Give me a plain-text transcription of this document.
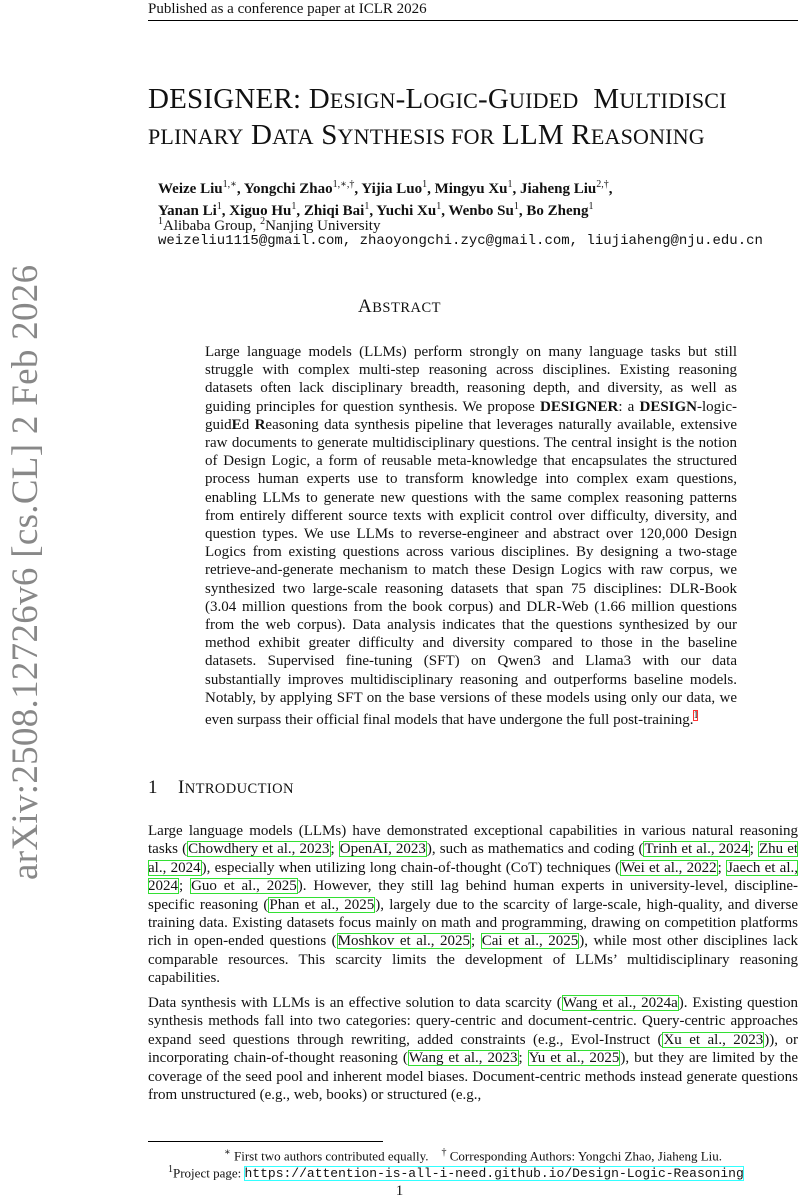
Published as a conference paper at ICLR 2026
arXiv:2508.12726v6 [cs.CL] 2 Feb 2026
DESIGNER: DESIGN-LOGIC-GUIDED  MULTIDISCI
PLINARY DATA SYNTHESIS FOR LLM REASONING
Weize Liu$^{1,∗}$, Yongchi Zhao$^{1,∗,\dagger}$, Yijia Luo$^1$, Mingyu Xu$^1$, Jiaheng Liu$^{2,\dagger}$,
Yanan Li$^1$, Xiguo Hu$^1$, Zhiqi Bai$^1$, Yuchi Xu$^1$, Wenbo Su$^1$, Bo Zheng$^1$
$^1$Alibaba Group, $^2$Nanjing University
weizeliu1115@gmail.com, zhaoyongchi.zyc@gmail.com, liujiaheng@nju.edu.cn
ABSTRACT
Large language models (LLMs) perform strongly on many language tasks but still struggle with complex multi-step reasoning across disciplines. Existing reasoning datasets often lack disciplinary breadth, reasoning depth, and diversity, as well as guiding principles for question synthesis. We propose DESIGNER: a DESIGN-logic-guidEd Reasoning data synthesis pipeline that leverages naturally available, extensive raw documents to generate multidisciplinary questions. The central insight is the notion of Design Logic, a form of reusable meta-knowledge that encapsulates the structured process human experts use to transform knowledge into complex exam questions, enabling LLMs to generate new questions with the same complex reasoning patterns from entirely different source texts with explicit control over difficulty, diversity, and question types. We use LLMs to reverse-engineer and abstract over 120,000 Design Logics from existing questions across various disciplines. By designing a two-stage retrieve-and-generate mechanism to match these Design Logics with raw corpus, we synthesized two large-scale reasoning datasets that span 75 disciplines: DLR-Book (3.04 million questions from the book corpus) and DLR-Web (1.66 million questions from the web corpus). Data analysis indicates that the questions synthesized by our method exhibit greater difficulty and diversity compared to those in the baseline datasets. Supervised fine-tuning (SFT) on Qwen3 and Llama3 with our data substantially improves multidisciplinary reasoning and outperforms baseline models. Notably, by applying SFT on the base versions of these models using only our data, we even surpass their official final models that have undergone the full post-training.$^1$
1 INTRODUCTION
Large language models (LLMs) have demonstrated exceptional capabilities in various natural reasoning tasks (Chowdhery et al., 2023; OpenAI, 2023), such as mathematics and coding (Trinh et al., 2024; Zhu et al., 2024), especially when utilizing long chain-of-thought (CoT) techniques (Wei et al., 2022; Jaech et al., 2024; Guo et al., 2025). However, they still lag behind human experts in university-level, discipline-specific reasoning (Phan et al., 2025), largely due to the scarcity of large-scale, high-quality, and diverse training data. Existing datasets focus mainly on math and programming, drawing on competition platforms rich in open-ended questions (Moshkov et al., 2025; Cai et al., 2025), while most other disciplines lack comparable resources. This scarcity limits the development of LLMs’ multidisciplinary reasoning capabilities.
Data synthesis with LLMs is an effective solution to data scarcity (Wang et al., 2024a). Existing question synthesis methods fall into two categories: query-centric and document-centric. Query-centric approaches expand seed questions through rewriting, added constraints (e.g., Evol-Instruct (Xu et al., 2023)), or incorporating chain-of-thought reasoning (Wang et al., 2023; Yu et al., 2025), but they are limited by the coverage of the seed pool and inherent model biases. Document-centric methods instead generate questions from unstructured (e.g., web, books) or structured (e.g.,
∗ First two authors contributed equally.    † Corresponding Authors: Yongchi Zhao, Jiaheng Liu.
$^1$Project page: https://attention-is-all-i-need.github.io/Design-Logic-Reasoning
1
